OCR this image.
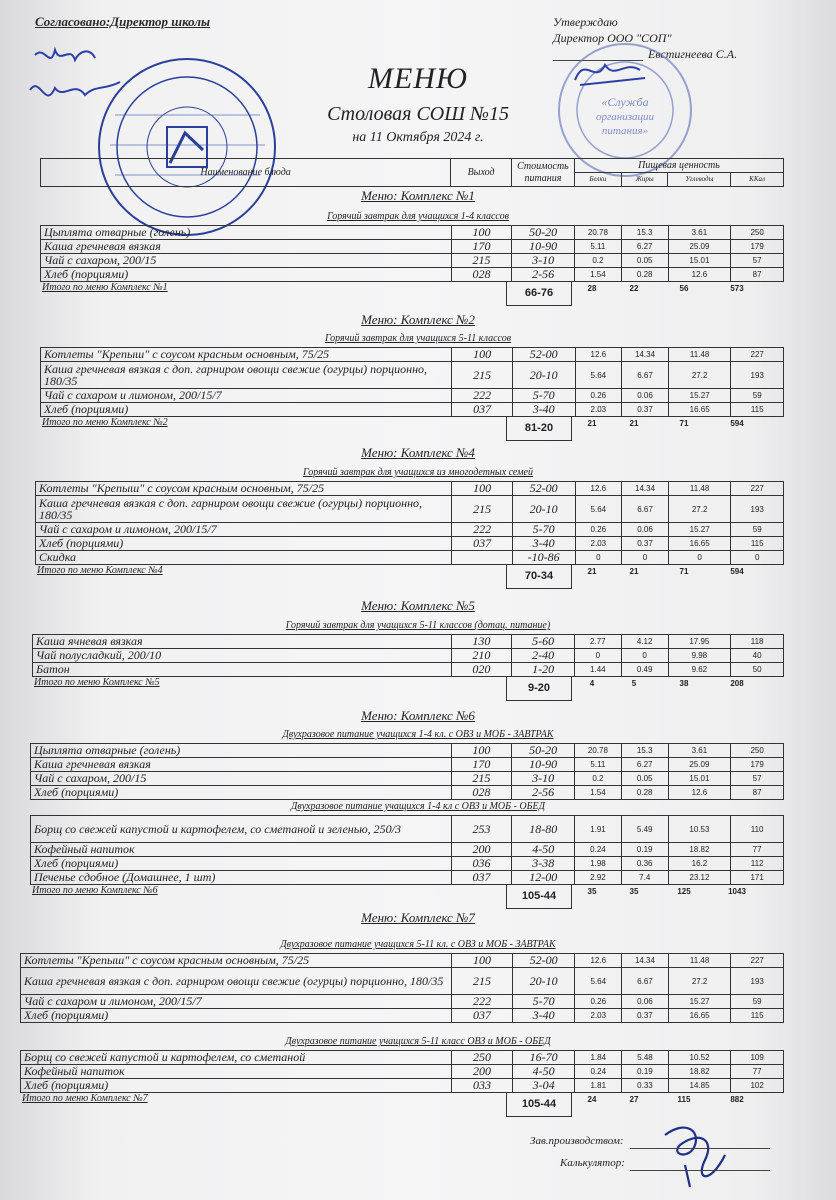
Согласовано:Директор школы	Утверждаю
Директор ООО "СОП"
Евстигнеева С.А.
«Служба
организации
питания»
МЕНЮ
Столовая СОШ №15
на 11 Октября 2024 г.
Наименование блюда	Выход	Стоимость питания	Пищевая ценность			
			Белки	Жиры	Углеводы	ККал
Меню: Комплекс №1
Горячий завтрак для учащихся 1-4 классов
Цыплята отварные (голень)	100	50-20	20.78	15.3	3.61	250
Каша гречневая вязкая	170	10-90	5.11	6.27	25.09	179
Чай с сахаром, 200/15	215	3-10	0.2	0.05	15.01	57
Хлеб (порциями)	028	2-56	1.54	0.28	12.6	87
Итого по меню Комплекс №1	66-76	28	22	56	573
Меню: Комплекс №2
Горячий завтрак для учащихся 5-11 классов
Котлеты "Крепыш" с соусом красным основным, 75/25	100	52-00	12.6	14.34	11.48	227
Каша гречневая вязкая с доп. гарниром овощи свежие (огурцы) порционно, 180/35	215	20-10	5.64	6.67	27.2	193
Чай с сахаром и лимоном, 200/15/7	222	5-70	0.26	0.06	15.27	59
Хлеб (порциями)	037	3-40	2.03	0.37	16.65	115
Итого по меню Комплекс №2	81-20	21	21	71	594
Меню: Комплекс №4
Горячий завтрак для учащихся из многодетных семей
Котлеты "Крепыш" с соусом красным основным, 75/25	100	52-00	12.6	14.34	11.48	227
Каша гречневая вязкая с доп. гарниром овощи свежие (огурцы) порционно, 180/35	215	20-10	5.64	6.67	27.2	193
Чай с сахаром и лимоном, 200/15/7	222	5-70	0.26	0.06	15.27	59
Хлеб (порциями)	037	3-40	2.03	0.37	16.65	115
Скидка		-10-86	0	0	0	0
Итого по меню Комплекс №4	70-34	21	21	71	594
Меню: Комплекс №5
Горячий завтрак для учащихся 5-11 классов (дотац. питание)
Каша ячневая вязкая	130	5-60	2.77	4.12	17.95	118
Чай полусладкий, 200/10	210	2-40	0	0	9.98	40
Батон	020	1-20	1.44	0.49	9.62	50
Итого по меню Комплекс №5	9-20	4	5	38	208
Меню: Комплекс №6
Двухразовое питание учащихся 1-4 кл. с ОВЗ и МОБ - ЗАВТРАК
Цыплята отварные (голень)	100	50-20	20.78	15.3	3.61	250
Каша гречневая вязкая	170	10-90	5.11	6.27	25.09	179
Чай с сахаром, 200/15	215	3-10	0.2	0.05	15.01	57
Хлеб (порциями)	028	2-56	1.54	0.28	12.6	87
Двухразовое питание учащихся 1-4 кл с ОВЗ и МОБ - ОБЕД
Борщ со свежей капустой и картофелем, со сметаной и зеленью, 250/3	253	18-80	1.91	5.49	10.53	110
Кофейный напиток	200	4-50	0.24	0.19	18.82	77
Хлеб (порциями)	036	3-38	1.98	0.36	16.2	112
Печенье сдобное (Домашнее, 1 шт)	037	12-00	2.92	7.4	23.12	171
Итого по меню Комплекс №6	105-44	35	35	125	1043
Меню: Комплекс №7
Двухразовое питание учащихся 5-11 кл. с ОВЗ и МОБ - ЗАВТРАК
Котлеты "Крепыш" с соусом красным основным, 75/25	100	52-00	12.6	14.34	11.48	227
Каша гречневая вязкая с доп. гарниром овощи свежие (огурцы) порционно, 180/35	215	20-10	5.64	6.67	27.2	193
Чай с сахаром и лимоном, 200/15/7	222	5-70	0.26	0.06	15.27	59
Хлеб (порциями)	037	3-40	2.03	0.37	16.65	115
Двухразовое питание учащихся 5-11 класс ОВЗ и МОБ - ОБЕД
Борщ со свежей капустой и картофелем, со сметаной	250	16-70	1.84	5.48	10.52	109
Кофейный напиток	200	4-50	0.24	0.19	18.82	77
Хлеб (порциями)	033	3-04	1.81	0.33	14.85	102
Итого по меню Комплекс №7	105-44	24	27	115	882
Зав.производством:
Калькулятор:
